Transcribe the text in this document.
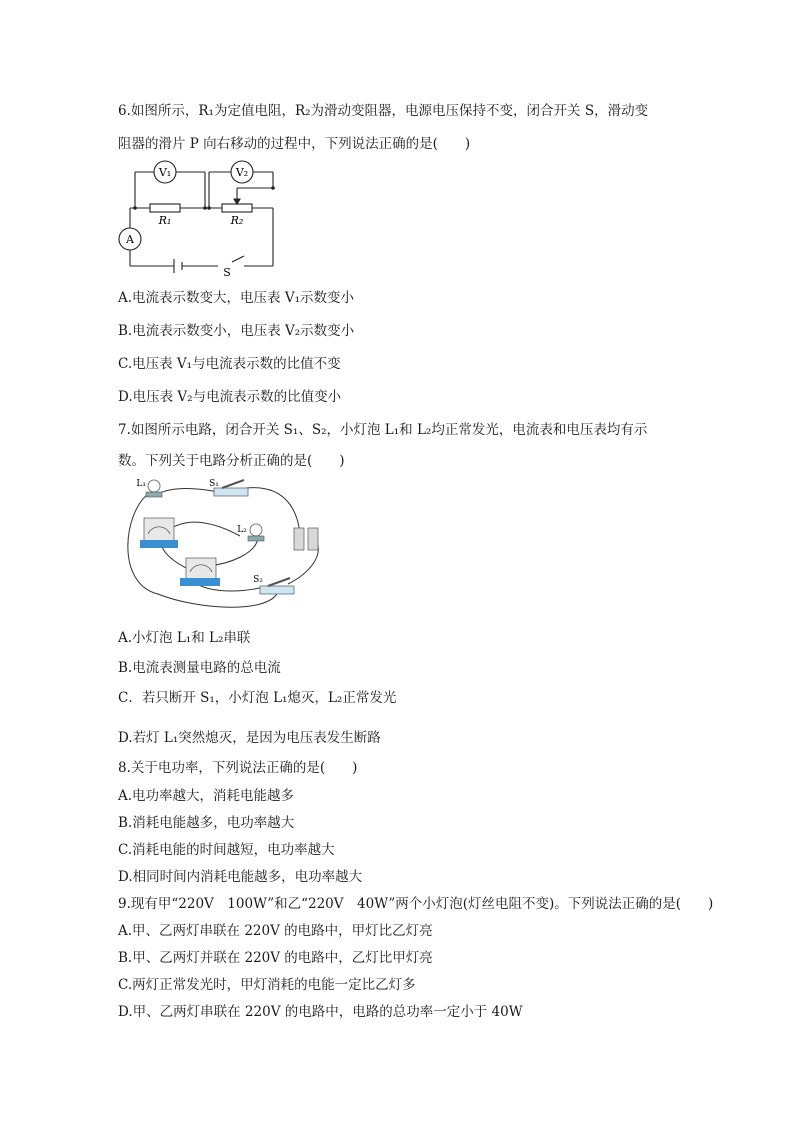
6.如图所示，R₁为定值电阻，R₂为滑动变阻器，电源电压保持不变，闭合开关 S，滑动变
阻器的滑片 P 向右移动的过程中，下列说法正确的是(　　)
V₁	V₂
A
R₁	R₂
S
A.电流表示数变大，电压表 V₁示数变小
B.电流表示数变小，电压表 V₂示数变小
C.电压表 V₁与电流表示数的比值不变
D.电压表 V₂与电流表示数的比值变小
7.如图所示电路，闭合开关 S₁、S₂，小灯泡 L₁和 L₂均正常发光，电流表和电压表均有示
数。下列关于电路分析正确的是(　　)
L₁	S₁
L₂
S₂
A.小灯泡 L₁和 L₂串联
B.电流表测量电路的总电流
C．若只断开 S₁，小灯泡 L₁熄灭，L₂正常发光
D.若灯 L₁突然熄灭，是因为电压表发生断路
8.关于电功率，下列说法正确的是(　　)
A.电功率越大，消耗电能越多
B.消耗电能越多，电功率越大
C.消耗电能的时间越短，电功率越大
D.相同时间内消耗电能越多，电功率越大
9.现有甲“220V　100W”和乙“220V　40W”两个小灯泡(灯丝电阻不变)。下列说法正确的是(　　)
A.甲、乙两灯串联在 220V 的电路中，甲灯比乙灯亮
B.甲、乙两灯并联在 220V 的电路中，乙灯比甲灯亮
C.两灯正常发光时，甲灯消耗的电能一定比乙灯多
D.甲、乙两灯串联在 220V 的电路中，电路的总功率一定小于 40W
